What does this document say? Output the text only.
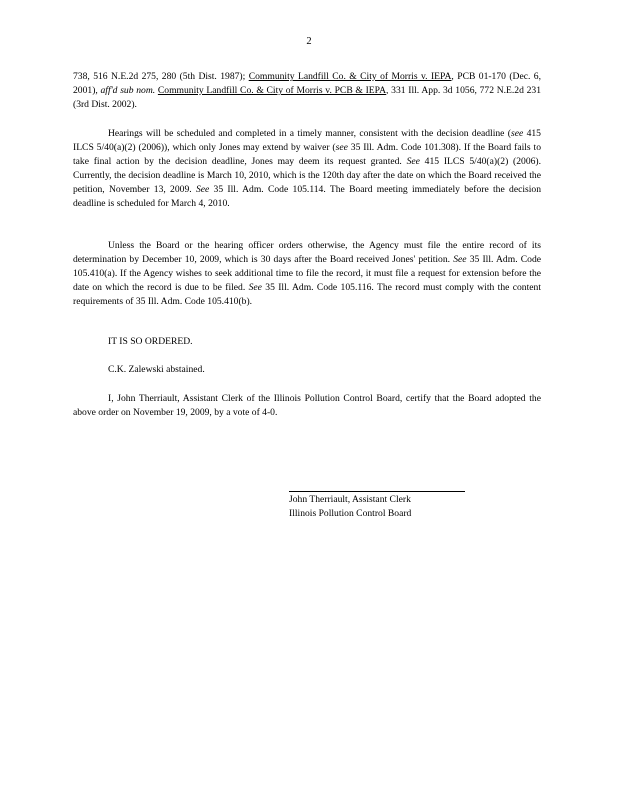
2

738, 516 N.E.2d 275, 280 (5th Dist. 1987); Community Landfill Co. & City of Morris v. IEPA, PCB 01-170 (Dec. 6, 2001), aff'd sub nom. Community Landfill Co. & City of Morris v. PCB & IEPA, 331 Ill. App. 3d 1056, 772 N.E.2d 231 (3rd Dist. 2002).

Hearings will be scheduled and completed in a timely manner, consistent with the decision deadline (see 415 ILCS 5/40(a)(2) (2006)), which only Jones may extend by waiver (see 35 Ill. Adm. Code 101.308). If the Board fails to take final action by the decision deadline, Jones may deem its request granted. See 415 ILCS 5/40(a)(2) (2006). Currently, the decision deadline is March 10, 2010, which is the 120th day after the date on which the Board received the petition, November 13, 2009. See 35 Ill. Adm. Code 105.114. The Board meeting immediately before the decision deadline is scheduled for March 4, 2010.

Unless the Board or the hearing officer orders otherwise, the Agency must file the entire record of its determination by December 10, 2009, which is 30 days after the Board received Jones' petition. See 35 Ill. Adm. Code 105.410(a). If the Agency wishes to seek additional time to file the record, it must file a request for extension before the date on which the record is due to be filed. See 35 Ill. Adm. Code 105.116. The record must comply with the content requirements of 35 Ill. Adm. Code 105.410(b).

IT IS SO ORDERED.

C.K. Zalewski abstained.

I, John Therriault, Assistant Clerk of the Illinois Pollution Control Board, certify that the Board adopted the above order on November 19, 2009, by a vote of 4-0.

John Therriault, Assistant Clerk
Illinois Pollution Control Board
